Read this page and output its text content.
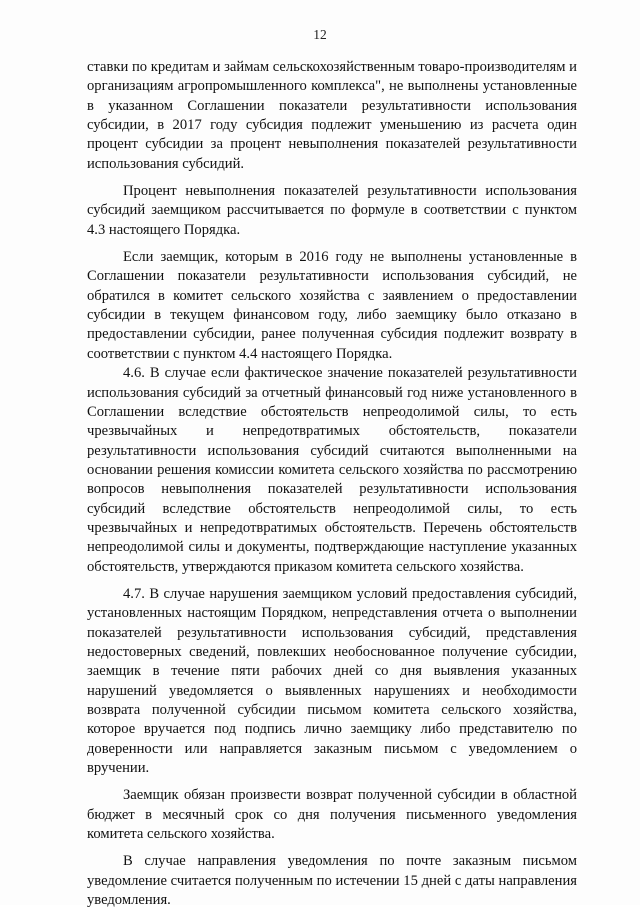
12

ставки по кредитам и займам сельскохозяйственным товаро-производителям и организациям агропромышленного комплекса", не выполнены установленные в указанном Соглашении показатели результативности использования субсидии, в 2017 году субсидия подлежит уменьшению из расчета один процент субсидии за процент невыполнения показателей результативности использования субсидий.

Процент невыполнения показателей результативности использования субсидий заемщиком рассчитывается по формуле в соответствии с пунктом 4.3 настоящего Порядка.

Если заемщик, которым в 2016 году не выполнены установленные в Соглашении показатели результативности использования субсидий, не обратился в комитет сельского хозяйства с заявлением о предоставлении субсидии в текущем финансовом году, либо заемщику было отказано в предоставлении субсидии, ранее полученная субсидия подлежит возврату в соответствии с пунктом 4.4 настоящего Порядка.

4.6. В случае если фактическое значение показателей результативности использования субсидий за отчетный финансовый год ниже установленного в Соглашении вследствие обстоятельств непреодолимой силы, то есть чрезвычайных и непредотвратимых обстоятельств, показатели результативности использования субсидий считаются выполненными на основании решения комиссии комитета сельского хозяйства по рассмотрению вопросов невыполнения показателей результативности использования субсидий вследствие обстоятельств непреодолимой силы, то есть чрезвычайных и непредотвратимых обстоятельств. Перечень обстоятельств непреодолимой силы и документы, подтверждающие наступление указанных обстоятельств, утверждаются приказом комитета сельского хозяйства.

4.7. В случае нарушения заемщиком условий предоставления субсидий, установленных настоящим Порядком, непредставления отчета о выполнении показателей результативности использования субсидий, представления недостоверных сведений, повлекших необоснованное получение субсидии, заемщик в течение пяти рабочих дней со дня выявления указанных нарушений уведомляется о выявленных нарушениях и необходимости возврата полученной субсидии письмом комитета сельского хозяйства, которое вручается под подпись лично заемщику либо представителю по доверенности или направляется заказным письмом с уведомлением о вручении.

Заемщик обязан произвести возврат полученной субсидии в областной бюджет в месячный срок со дня получения письменного уведомления комитета сельского хозяйства.

В случае направления уведомления по почте заказным письмом уведомление считается полученным по истечении 15 дней с даты направления уведомления.
